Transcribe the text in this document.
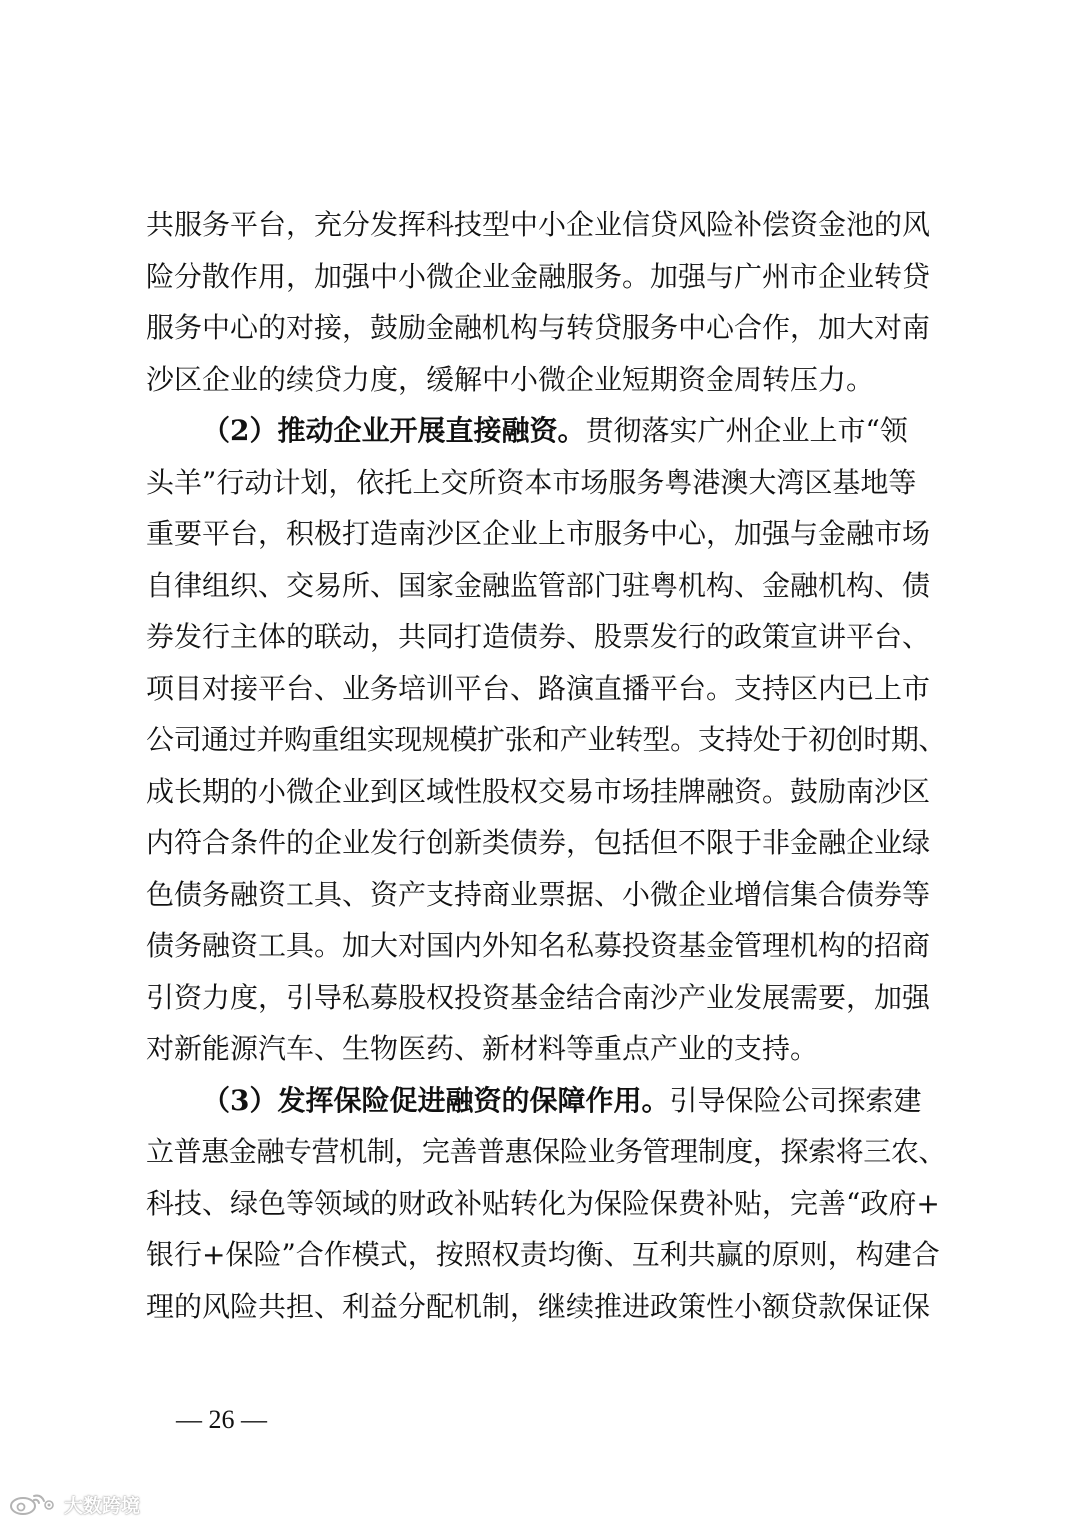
共服务平台，充分发挥科技型中小企业信贷风险补偿资金池的风
险分散作用，加强中小微企业金融服务。加强与广州市企业转贷
服务中心的对接，鼓励金融机构与转贷服务中心合作，加大对南
沙区企业的续贷力度，缓解中小微企业短期资金周转压力。
（2）推动企业开展直接融资。贯彻落实广州企业上市“领
头羊”行动计划，依托上交所资本市场服务粤港澳大湾区基地等
重要平台，积极打造南沙区企业上市服务中心，加强与金融市场
自律组织、交易所、国家金融监管部门驻粤机构、金融机构、债
券发行主体的联动，共同打造债券、股票发行的政策宣讲平台、
项目对接平台、业务培训平台、路演直播平台。支持区内已上市
公司通过并购重组实现规模扩张和产业转型。支持处于初创时期、
成长期的小微企业到区域性股权交易市场挂牌融资。鼓励南沙区
内符合条件的企业发行创新类债券，包括但不限于非金融企业绿
色债务融资工具、资产支持商业票据、小微企业增信集合债券等
债务融资工具。加大对国内外知名私募投资基金管理机构的招商
引资力度，引导私募股权投资基金结合南沙产业发展需要，加强
对新能源汽车、生物医药、新材料等重点产业的支持。
（3）发挥保险促进融资的保障作用。引导保险公司探索建
立普惠金融专营机制，完善普惠保险业务管理制度，探索将三农、
科技、绿色等领域的财政补贴转化为保险保费补贴，完善“政府+
银行+保险”合作模式，按照权责均衡、互利共赢的原则，构建合
理的风险共担、利益分配机制，继续推进政策性小额贷款保证保
— 26 —
大数跨境
